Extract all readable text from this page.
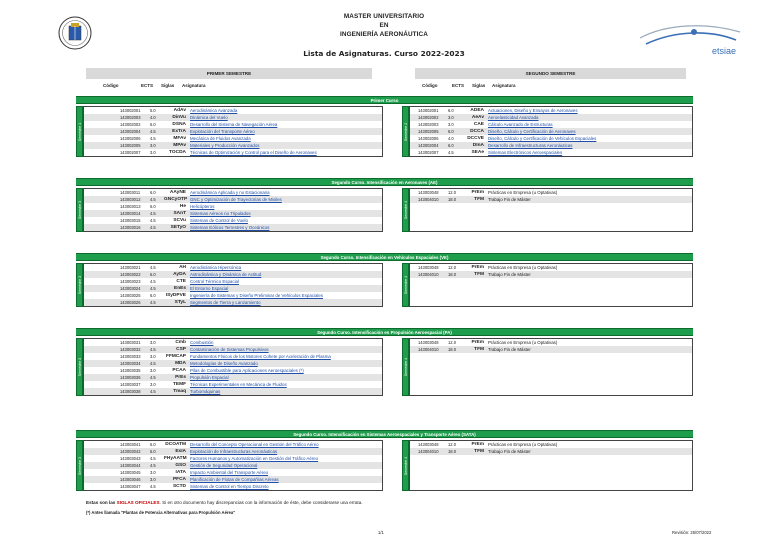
etsiae
MASTER UNIVERSITARIO
EN
INGENIERÍA AERONÁUTICA
Lista de Asignaturas. Curso 2022-2023
PRIMER SEMESTRE	SEGUNDO SEMESTRE
Código	ECTS Siglas Asignatura	Código	ECTS Siglas Asignatura
Primer Curso
Semestre 1
143002001 5.0	AdAv Aerodinámica Avanzada
143002003 4.0	DinVu Dinámica del Vuelo
143002002 6.0	DSNA Desarrollo del Sistema de Navegación Aérea
143002004 4.5	ExTrA Explotación del Transporte Aéreo
143002006 4.5	MFAv Mecánica de Fluidos Avanzada
143002005 3.0	MPAv Materiales y Producción Avanzados
143002007 3.0	TOCDA Técnicas de Optimización y Control para el Diseño de Aeronaves
Semestre 2
143002001 6.0	ADEA Actuaciones, Diseño y Ensayos de Aeronaves
143002002 3.0	AeAv Aeroelasticidad Avanzada
143002003 3.0	CAE Cálculo Avanzado de Estructuras
143002005 6.0	DCCA Diseño, Cálculo y Certificación de Aeronaves
143002006 4.0	DCCVE Diseño, Cálculo y Certificación de Vehículos Espaciales
143002004 6.0	DInA Desarrollo de Infraestructuras Aeronáuticas
143002007 4.5	SEAe Sistemas Electrónicos Aeroespaciales
Segundo Curso. Intensificación en Aeronaves (AE)
Semestre 3
143003011 6.0	AAyNE Aerodinámica Aplicada y no Estacionaria
143003012 4.5 GNCyOTP GNC y Optimización de Trayectorias de Misiles
143003013 6.0	He Helicópteros
143003014 4.5	SAnT Sistemas Aéreos no Tripulados
143003015 4.5	SCVu Sistemas de Control de Vuelo
143003016 4.5	SETyO Sistemas Eólicos Terrestres y Oceánicos
Semestre 4
143003048 12.0	PrEm Prácticas en Empresa (u Optativas)
143004010 18.0	TFM Trabajo Fin de Máster
Segundo Curso. Intensificación en Vehículos Espaciales (VE)
Semestre 3
143003021 4.5	AH Aerodinámica Hipersónica
143003022 6.0	AyDA Astrodinámica y Dinámica de Actitud
143003023 4.5	CTE Control Térmico Espacial
143003024 4.5	EnEs El Entorno Espacial
143003025 6.0	ISyDPVE Ingeniería de Sistemas y Diseño Preliminar de Vehículos Espaciales
143003026 4.5	STyL Segmentos de Tierra y Lanzamiento
Semestre 4
143003048 12.0	PrEm Prácticas en Empresa (u Optativas)
143004010 18.0	TFM Trabajo Fin de Máster
Segundo Curso. Intensificación en Propulsión Aeroespacial (PA)
Semestre 3
143003031 3.0	Cmb Combustión
143003032 4.5	CSP Contaminación de Sistemas Propulsivos
143003033 3.0	FFMCAP Fundamentos Físicos de los Motores Cohete por Aceleración de Plasma
143003034 4.5	MDA Metodologías de Diseño Avanzado
143003035 3.0	PCAA Pilas de Combustible para Aplicaciones Aeroespaciales (*)
143003036 4.5	PrEs Propulsión Espacial
143003037 3.0	TEMF Técnicas Experimentales en Mecánica de Fluidos
143003038 4.5	Tmaq Turbomáquinas
Semestre 4
143003048 12.0	PrEm Prácticas en Empresa (u Optativas)
143004010 18.0	TFM Trabajo Fin de Máster
Segundo Curso. Intensificación en Sistemas Aeroespaciales y Transporte Aéreo (SATA)
Semestre 3
143003041 6.0 DCOATM Desarrollo del Concepto Operacional en Gestión del Tráfico Aéreo
143003042 5.0	ExIA Explotación de Infraestructuras Aeronáuticas
143003043 4.5 FHyAATM Factores Humanos y Automatización en Gestión del Tráfico Aéreo
143003044 4.5	GSO Gestión de Seguridad Operacional
143003045 3.0	IATA Impacto Ambiental del Transporte Aéreo
143003046 3.0	PFCA Planificación de Flotas de Compañías Aéreas
143003047 4.5	SCTD Sistemas de Control en Tiempo Discreto
Semestre 4
143003048 12.0	PrEm Prácticas en Empresa (u Optativas)
143004010 18.0	TFM Trabajo Fin de Máster
Estas son las SIGLAS OFICIALES. Si en otro documento hay discrepancias con la información de éste, debe considerarse una errata.
(*) Antes llamada "Plantas de Potencia Alternativas para Propulsión Aérea"
1/1	Revisión: 25/07/2022
